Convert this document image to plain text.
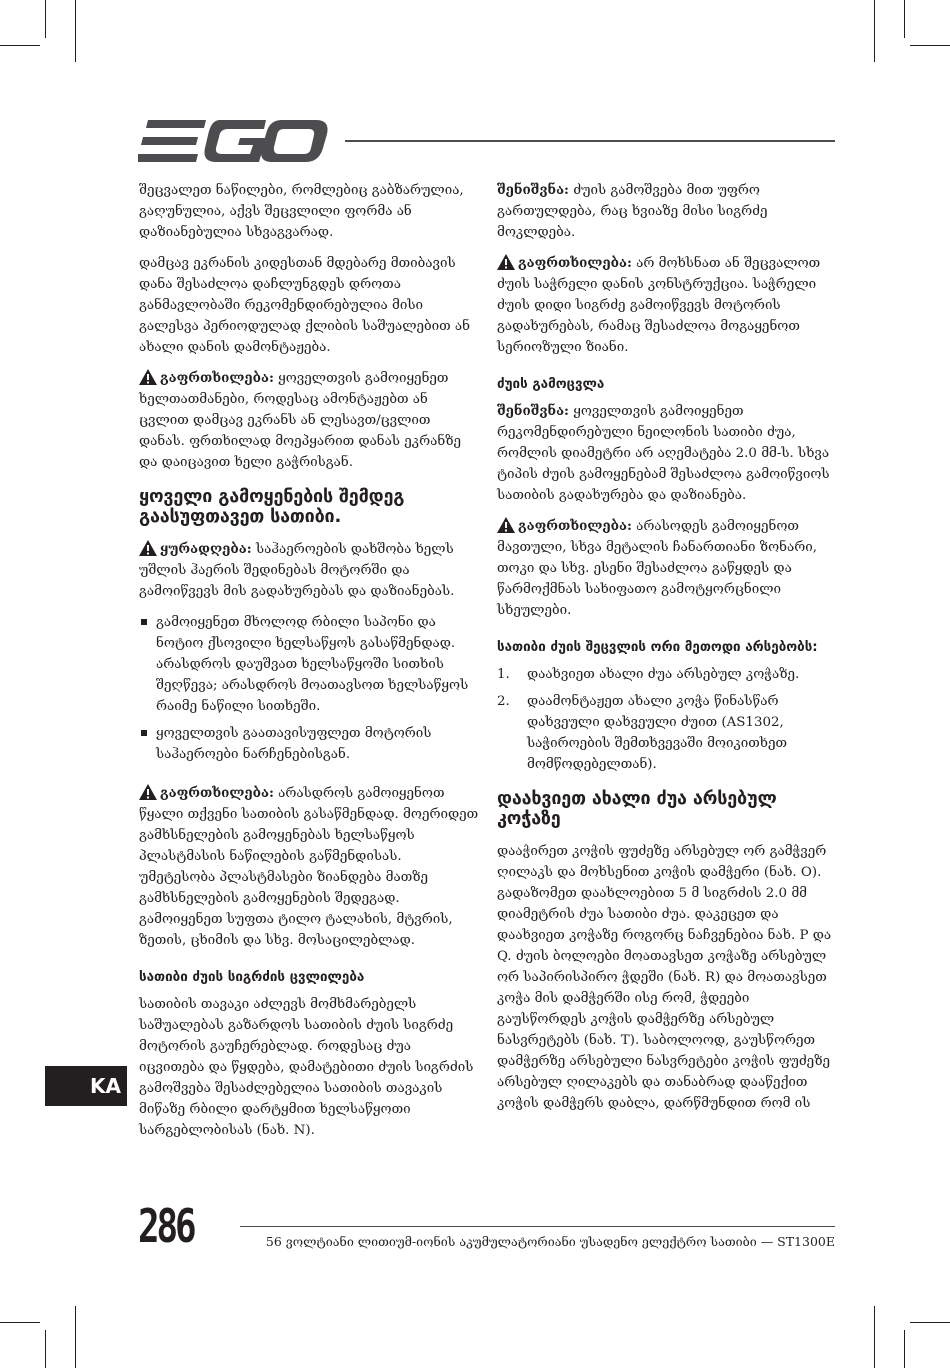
შეცვალეთ ნაწილები, რომლებიც გაბზარულია, გაღუნულია, აქვს შეცვლილი ფორმა ან დაზიანებულია სხვაგვარად.

დამცავ ეკრანის კიდესთან მდებარე მთიბავის დანა შესაძლოა დაჩლუნგდეს დროთა განმავლობაში რეკომენდირებულია მისი გალესვა პერიოდულად ქლიბის საშუალებით ან ახალი დანის დამონტაჟება.

გაფრთხილება: ყოველთვის გამოიყენეთ ხელთათმანები, როდესაც ამონტაჟებთ ან ცვლით დამცავ ეკრანს ან ლესავთ/ცვლით დანას. ფრთხილად მოეპყარით დანას ეკრანზე და დაიცავით ხელი გაჭრისგან.

ყოველი გამოყენების შემდეგ გაასუფთავეთ სათიბი.

ყურადღება: საჰაეროების დახშობა ხელს უშლის ჰაერის შედინებას მოტორში და გამოიწვევს მის გადახურებას და დაზიანებას.

გამოიყენეთ მხოლოდ რბილი საპონი და ნოტიო ქსოვილი ხელსაწყოს გასაწმენდად. არასდროს დაუშვათ ხელსაწყოში სითხის შეღწევა; არასდროს მოათავსოთ ხელსაწყოს რაიმე ნაწილი სითხეში.
ყოველთვის გაათავისუფლეთ მოტორის საჰაეროები ნარჩენებისგან.

გაფრთხილება: არასდროს გამოიყენოთ წყალი თქვენი სათიბის გასაწმენდად. მოერიდეთ გამხსნელების გამოყენებას ხელსაწყოს პლასტმასის ნაწილების გაწმენდისას. უმეტესობა პლასტმასები ზიანდება მათზე გამხსნელების გამოყენების შედეგად. გამოიყენეთ სუფთა ტილო ტალახის, მტვრის, ზეთის, ცხიმის და სხვ. მოსაცილებლად.

სათიბი ძუის სიგრძის ცვლილება

სათიბის თავაკი აძლევს მომხმარებელს საშუალებას გაზარდოს სათიბის ძუის სიგრძე მოტორის გაუჩერებლად. როდესაც ძუა იცვითება და წყდება, დამატებითი ძუის სიგრძის გამოშვება შესაძლებელია სათიბის თავაკის მიწაზე რბილი დარტყმით ხელსაწყოთი სარგებლობისას (ნახ. N).

შენიშვნა: ძუის გამოშვება მით უფრო გართულდება, რაც ხვიაზე მისი სიგრძე მოკლდება.

გაფრთხილება: არ მოხსნათ ან შეცვალოთ ძუის საჭრელი დანის კონსტრუქცია. საჭრელი ძუის დიდი სიგრძე გამოიწვევს მოტორის გადახურებას, რამაც შესაძლოა მოგაყენოთ სერიოზული ზიანი.

ძუის გამოცვლა

შენიშვნა: ყოველთვის გამოიყენეთ რეკომენდირებული ნეილონის სათიბი ძუა, რომლის დიამეტრი არ აღემატება 2.0 მმ-ს. სხვა ტიპის ძუის გამოყენებამ შესაძლოა გამოიწვიოს სათიბის გადახურება და დაზიანება.

გაფრთხილება: არასოდეს გამოიყენოთ მავთული, სხვა მეტალის ჩანართიანი ზონარი, თოკი და სხვ. ესენი შესაძლოა გაწყდეს და წარმოქმნას სახიფათო გამოტყორცნილი სხეულები.

სათიბი ძუის შეცვლის ორი მეთოდი არსებობს:
1. დაახვიეთ ახალი ძუა არსებულ კოჭაზე.
2. დაამონტაჟეთ ახალი კოჭა წინასწარ დახვეული დახვეული ძუით (AS1302, საჭიროების შემთხვევაში მოიკითხეთ მომწოდებელთან).
დაახვიეთ ახალი ძუა არსებულ კოჭაზე

დააჭირეთ კოჭის ფუძეზე არსებულ ორ გამჭვერ ღილაკს და მოხსენით კოჭის დამჭერი (ნახ. O). გადაზომეთ დაახლოებით 5 მ სიგრძის 2.0 მმ დიამეტრის ძუა სათიბი ძუა. დაკეცეთ და დაახვიეთ კოჭაზე როგორც ნაჩვენებია ნახ. P და Q. ძუის ბოლოები მოათავსეთ კოჭაზე არსებულ ორ საპირისპირო ჭდეში (ნახ. R) და მოათავსეთ კოჭა მის დამჭერში ისე რომ, ჭდეები გაუსწორდეს კოჭის დამჭერზე არსებულ ნასვრეტებს (ნახ. T). საბოლოოდ, გაუსწორეთ დამჭერზე არსებული ნასვრეტები კოჭის ფუძეზე არსებულ ღილაკებს და თანაბრად დააწექით კოჭის დამჭერს დაბლა, დარწმუნდით რომ ის

KA
286	56 ვოლტიანი ლითიუმ-იონის აკუმულატორიანი უსადენო ელექტრო სათიბი — ST1300E
